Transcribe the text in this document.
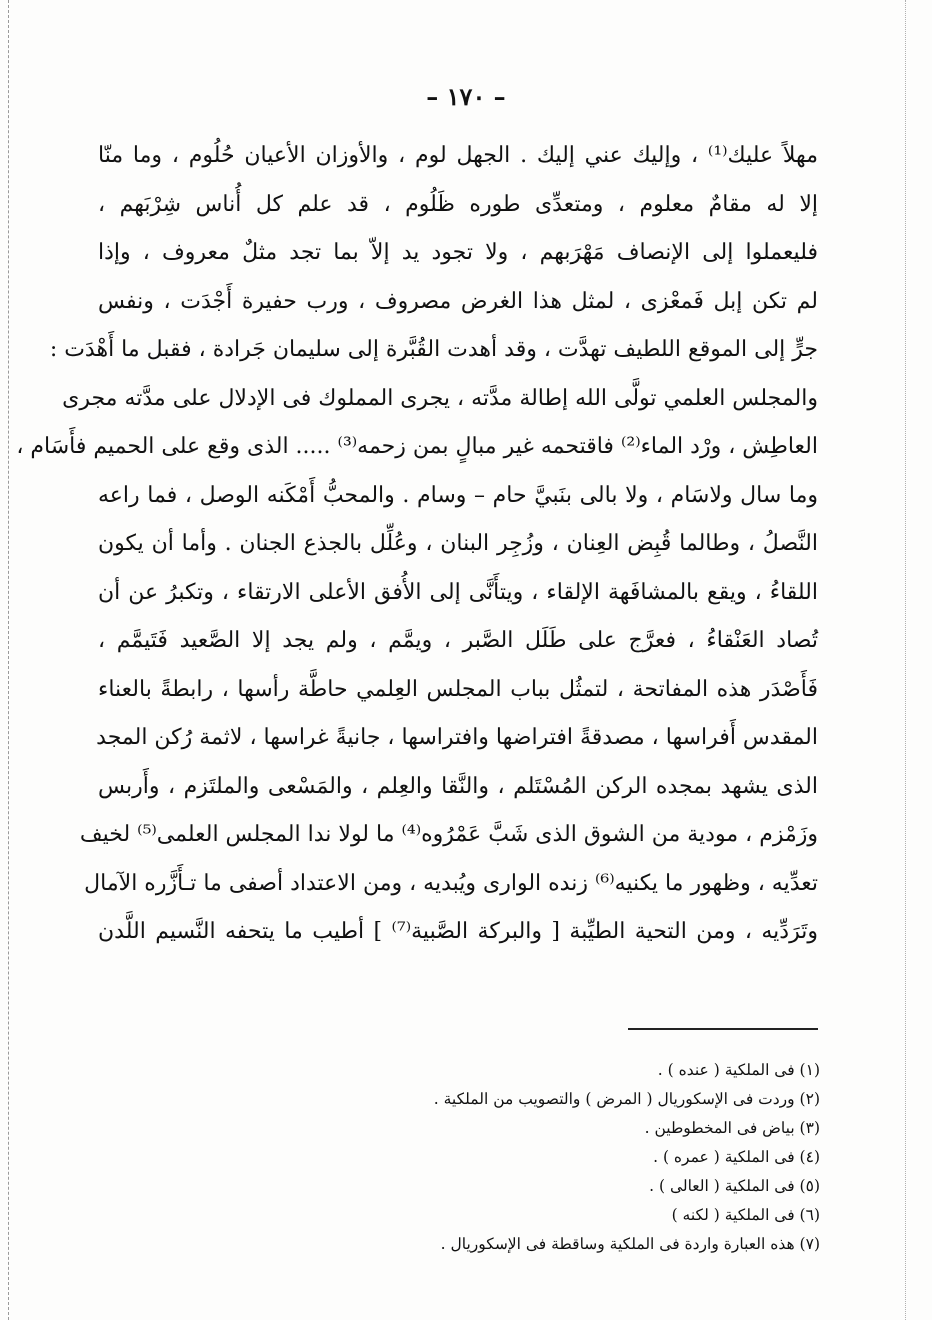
– ١٧٠ –
مهلاً عليك⁽¹⁾ ، وإليك عني إليك . الجهل لوم ، والأوزان الأعيان حُلُوم ، وما منّا
إلا له مقامٌ معلوم ، ومتعدِّى طوره ظَلُوم ، قد علم كل أُناس شِرْبَهم ،
فليعملوا إلى الإنصاف مَهْرَبهم ، ولا تجود يد إلاّ بما تجد مثلٌ معروف ، وإذا
لم تكن إبل فَمعْزى ، لمثل هذا الغرض مصروف ، ورب حفيرة أَجْدَت ، ونفس
جرٍّ إلى الموقع اللطيف تهدَّت ، وقد أهدت القُبَّرة إلى سليمان جَرادة ، فقبل ما أَهْدَت :
والمجلس العلمي تولَّى الله إطالة مدَّته ، يجرى المملوك فى الإدلال على مدَّته مجرى
العاطِش ، ورْد الماء⁽²⁾ فاقتحمه غير مبالٍ بمن زحمه⁽³⁾ ..... الذى وقع على الحميم فأَسَام ،
وما سال ولاسَام ، ولا بالى بنَبيَّ حام – وسام . والمحبُّ أَمْكَنه الوصل ، فما راعه
النَّصلُ ، وطالما قُبِض العِنان ، وزُجِر البنان ، وعُلِّل بالجذع الجنان . وأما أن يكون
اللقاءُ ، ويقع بالمشافَهة الإلقاء ، ويتأَنَّى إلى الأُفق الأعلى الارتقاء ، وتكبرُ عن أن
تُصاد العَنْقاءُ ، فعرَّج على طَلَل الصَّبر ، ويمَّم ، ولم يجد إلا الصَّعيد فَتَيمَّم ،
فَأَصْدَر هذه المفاتحة ، لتمثُل بباب المجلس العِلمي حاطَّة رأسها ، رابطةً بالعناء
المقدس أَفراسها ، مصدقةً افتراضها وافتراسها ، جانيةً غراسها ، لاثمة رُكن المجد
الذى يشهد بمجده الركن المُسْتَلم ، والنَّقا والعِلم ، والمَسْعى والملتَزم ، وأَربس
وزَمْزم ، مودية من الشوق الذى شَبَّ عَمْرُوه⁽⁴⁾ ما لولا ندا المجلس العلمى⁽⁵⁾ لخيف
تعدِّيه ، وظهور ما يكنيه⁽⁶⁾ زنده الوارى ويُبديه ، ومن الاعتداد أصفى ما تـأَزَّره الآمال
وتَرَدِّيه ، ومن التحية الطيِّبة [ والبركة الصَّبية⁽⁷⁾ ] أطيب ما يتحفه النَّسيم اللَّدن
(١) فى الملكية ( عنده ) .
(٢) وردت فى الإسكوريال ( المرض ) والتصويب من الملكية .
(٣) بياض فى المخطوطين .
(٤) فى الملكية ( عمره ) .
(٥) فى الملكية ( العالى ) .
(٦) فى الملكية ( لكنه )
(٧) هذه العبارة واردة فى الملكية وساقطة فى الإسكوريال .
